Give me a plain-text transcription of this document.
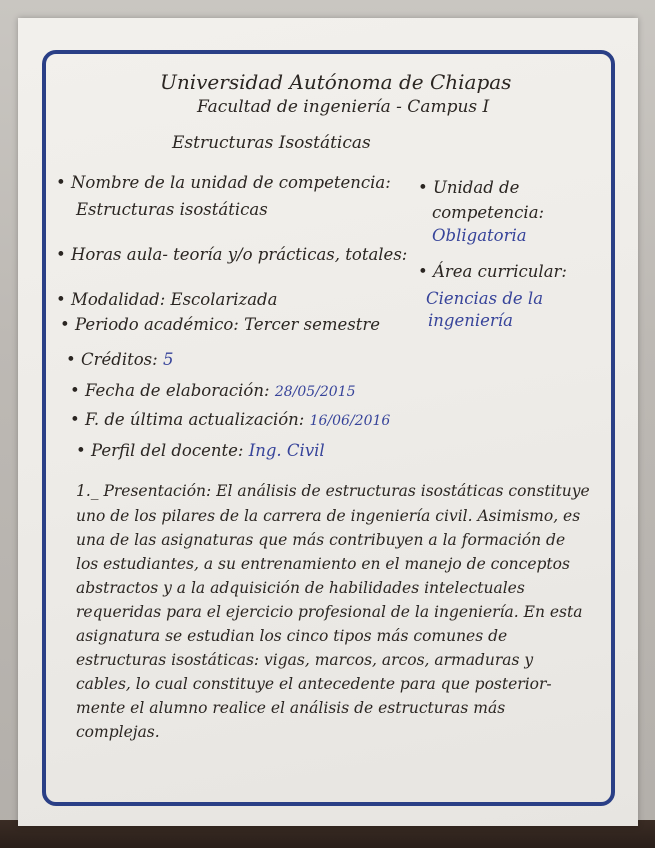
Universidad Autónoma de Chiapas
Facultad de ingeniería - Campus I
Estructuras Isostáticas
• Nombre de la unidad de competencia:
Estructuras isostáticas
• Horas aula- teoría y/o prácticas, totales:
• Modalidad: Escolarizada
• Periodo académico: Tercer semestre
• Créditos: 5
• Fecha de elaboración: 28/05/2015
• F. de última actualización: 16/06/2016
• Perfil del docente: Ing. Civil
• Unidad de
competencia:
Obligatoria
• Área curricular:
Ciencias de la
ingeniería
1._ Presentación: El análisis de estructuras isostáticas constituye
uno de los pilares de la carrera de ingeniería civil. Asimismo, es
una de las asignaturas que más contribuyen a la formación de
los estudiantes, a su entrenamiento en el manejo de conceptos
abstractos y a la adquisición de habilidades intelectuales
requeridas para el ejercicio profesional de la ingeniería. En esta
asignatura se estudian los cinco tipos más comunes de
estructuras isostáticas: vigas, marcos, arcos, armaduras y
cables, lo cual constituye el antecedente para que posterior-
mente el alumno realice el análisis de estructuras más
complejas.
